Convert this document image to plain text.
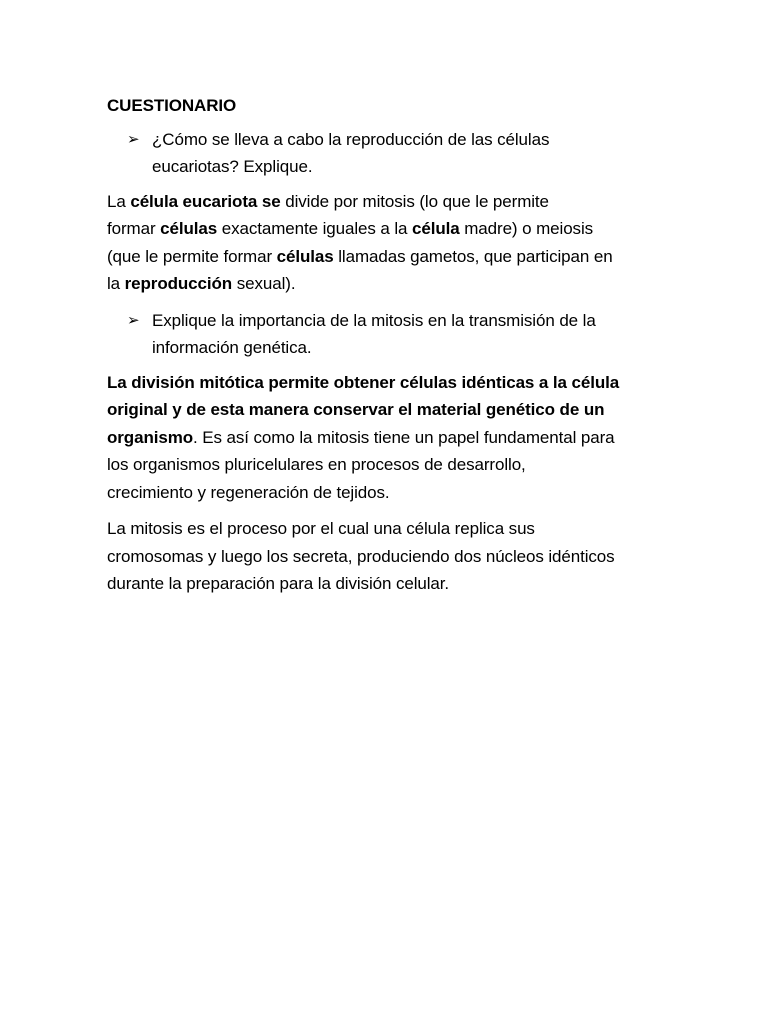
CUESTIONARIO
➢ ¿Cómo se lleva a cabo la reproducción de las células
eucariotas? Explique.
La célula eucariota se divide por mitosis (lo que le permite
formar células exactamente iguales a la célula madre) o meiosis
(que le permite formar células llamadas gametos, que participan en
la reproducción sexual).
➢ Explique la importancia de la mitosis en la transmisión de la
información genética.
La división mitótica permite obtener células idénticas a la célula
original y de esta manera conservar el material genético de un
organismo. Es así como la mitosis tiene un papel fundamental para
los organismos pluricelulares en procesos de desarrollo,
crecimiento y regeneración de tejidos.
La mitosis es el proceso por el cual una célula replica sus
cromosomas y luego los secreta, produciendo dos núcleos idénticos
durante la preparación para la división celular.
